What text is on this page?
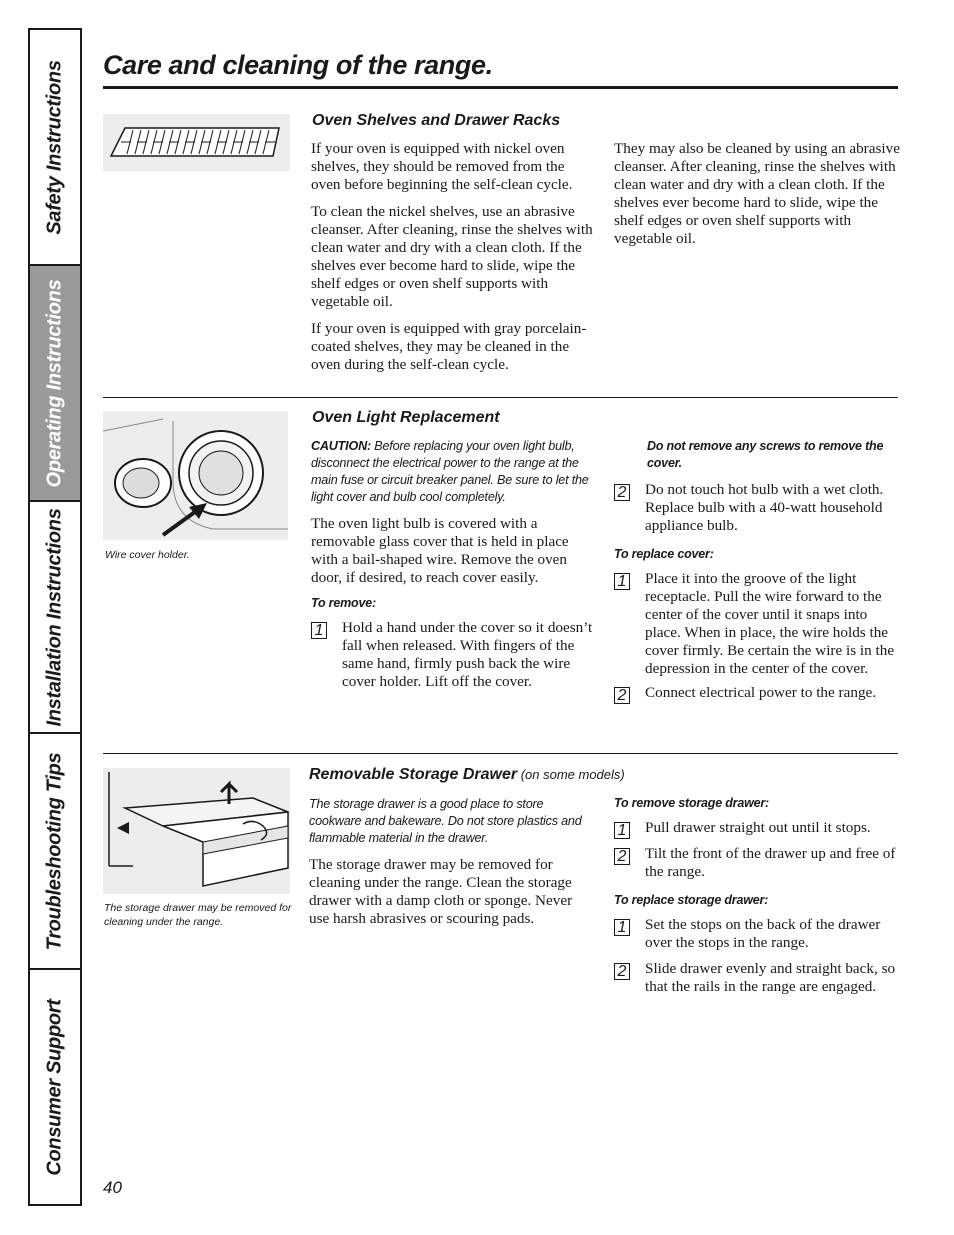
Safety Instructions
Operating Instructions
Installation Instructions
Troubleshooting Tips
Consumer Support
Care and cleaning of the range.
Oven Shelves and Drawer Racks

If your oven is equipped with nickel oven shelves, they should be removed from the oven before beginning the self-clean cycle.

To clean the nickel shelves, use an abrasive cleanser. After cleaning, rinse the shelves with clean water and dry with a clean cloth. If the shelves ever become hard to slide, wipe the shelf edges or oven shelf supports with vegetable oil.

If your oven is equipped with gray porcelain-coated shelves, they may be cleaned in the oven during the self-clean cycle.

They may also be cleaned by using an abrasive cleanser. After cleaning, rinse the shelves with clean water and dry with a clean cloth. If the shelves ever become hard to slide, wipe the shelf edges or oven shelf supports with vegetable oil.

Wire cover holder.
Oven Light Replacement

CAUTION: Before replacing your oven light bulb, disconnect the electrical power to the range at the main fuse or circuit breaker panel. Be sure to let the light cover and bulb cool completely.

The oven light bulb is covered with a removable glass cover that is held in place with a bail-shaped wire. Remove the oven door, if desired, to reach cover easily.

To remove:
1 Hold a hand under the cover so it doesn’t fall when released. With fingers of the same hand, firmly push back the wire cover holder. Lift off the cover.
Do not remove any screws to remove the cover.
2 Do not touch hot bulb with a wet cloth. Replace bulb with a 40-watt household appliance bulb.
To replace cover:
1 Place it into the groove of the light receptacle. Pull the wire forward to the center of the cover until it snaps into place. When in place, the wire holds the cover firmly. Be certain the wire is in the depression in the center of the cover.
2 Connect electrical power to the range.
The storage drawer may be removed for cleaning under the range.
Removable Storage Drawer (on some models)

The storage drawer is a good place to store cookware and bakeware. Do not store plastics and flammable material in the drawer.

The storage drawer may be removed for cleaning under the range. Clean the storage drawer with a damp cloth or sponge. Never use harsh abrasives or scouring pads.

To remove storage drawer:
1 Pull drawer straight out until it stops.
2 Tilt the front of the drawer up and free of the range.
To replace storage drawer:
1 Set the stops on the back of the drawer over the stops in the range.
2 Slide drawer evenly and straight back, so that the rails in the range are engaged.
40
